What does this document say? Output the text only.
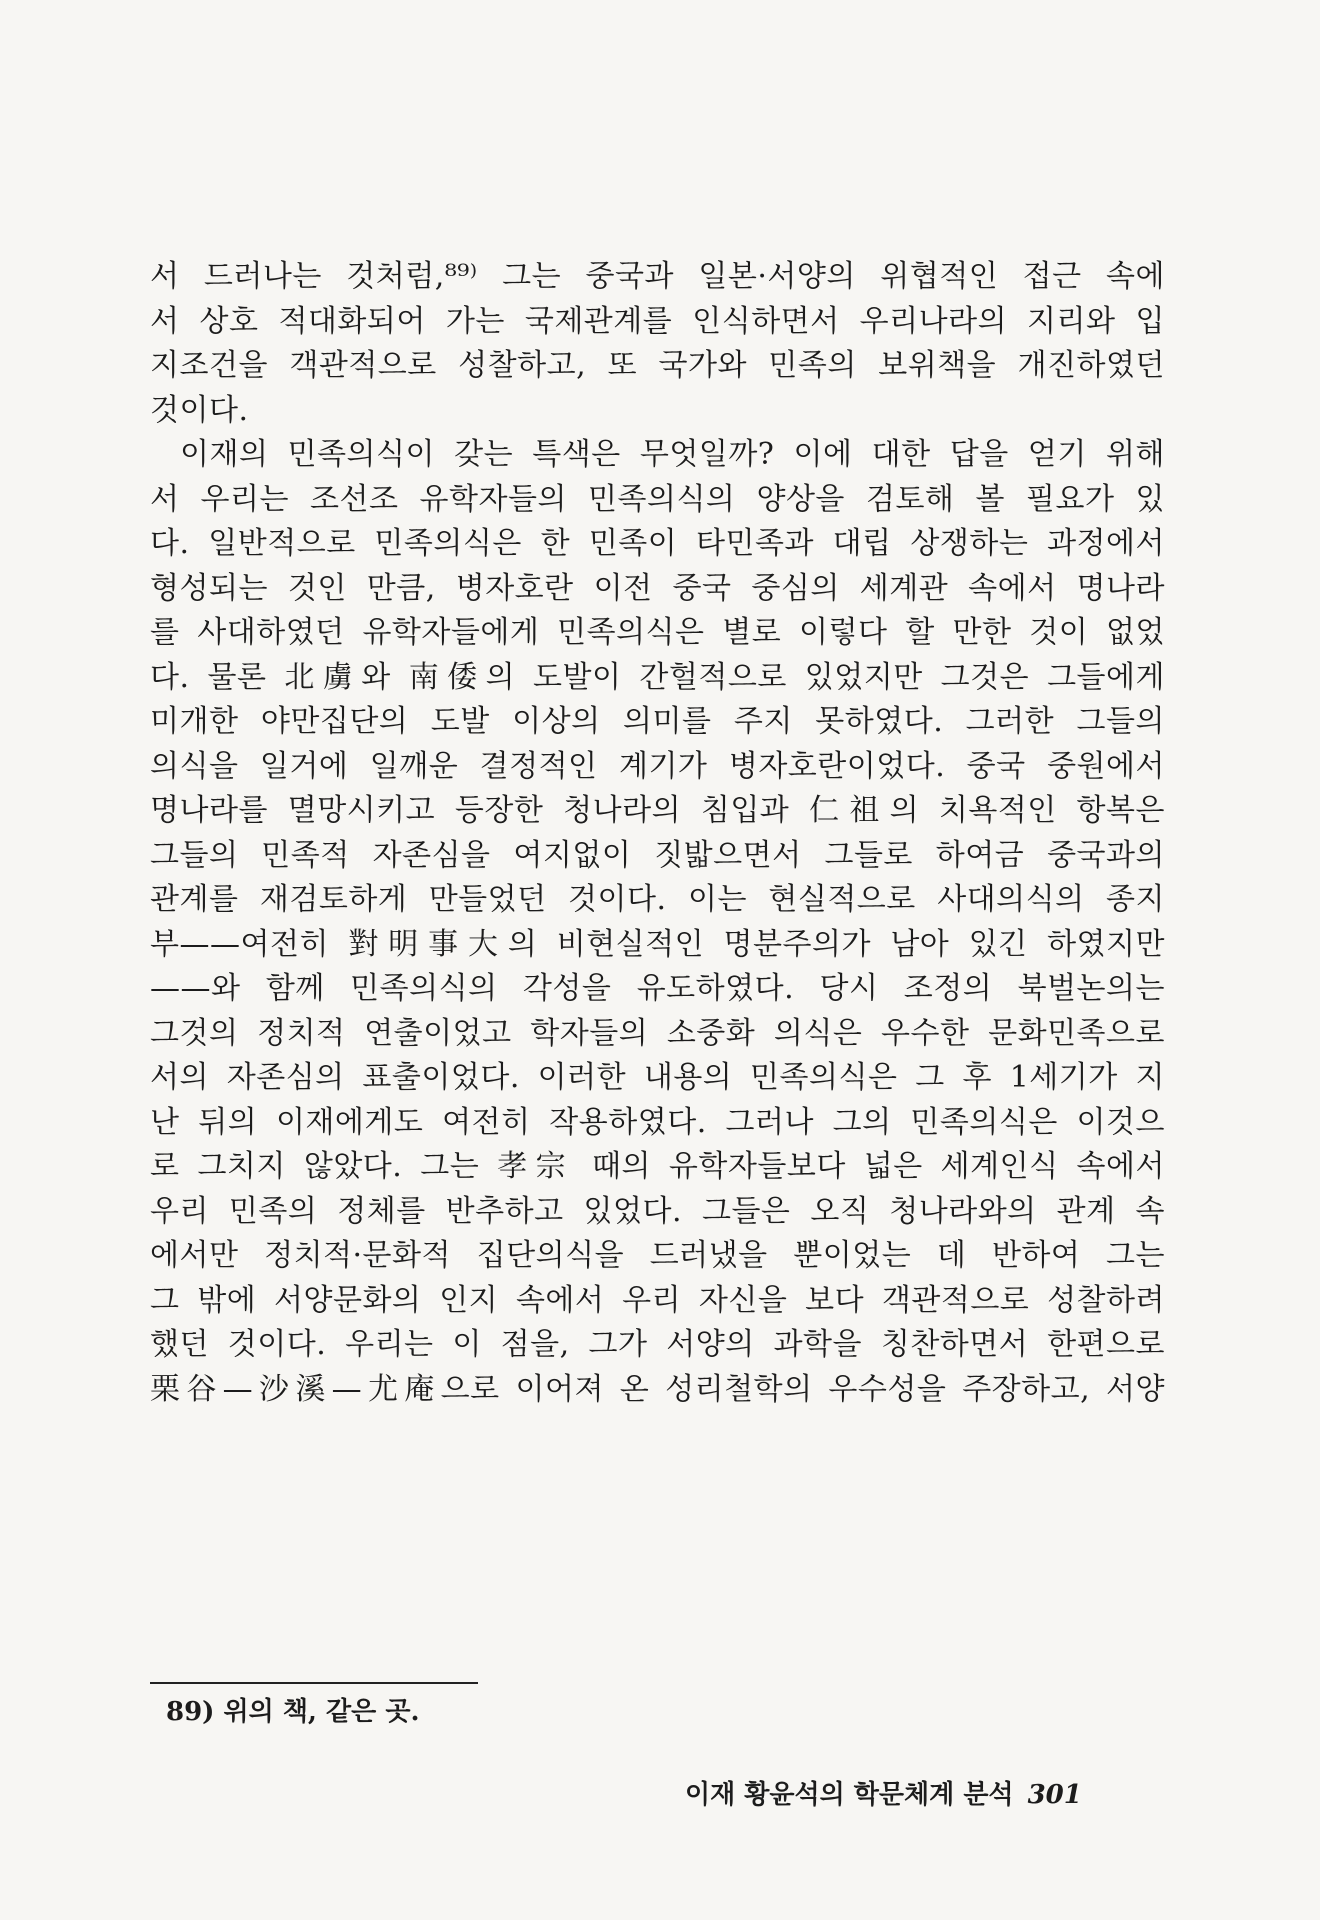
서 드러나는 것처럼,⁸⁹⁾ 그는 중국과 일본·서양의 위협적인 접근 속에
서 상호 적대화되어 가는 국제관계를 인식하면서 우리나라의 지리와 입
지조건을 객관적으로 성찰하고, 또 국가와 민족의 보위책을 개진하였던
것이다.
이재의 민족의식이 갖는 특색은 무엇일까? 이에 대한 답을 얻기 위해
서 우리는 조선조 유학자들의 민족의식의 양상을 검토해 볼 필요가 있
다. 일반적으로 민족의식은 한 민족이 타민족과 대립 상쟁하는 과정에서
형성되는 것인 만큼, 병자호란 이전 중국 중심의 세계관 속에서 명나라
를 사대하였던 유학자들에게 민족의식은 별로 이렇다 할 만한 것이 없었
다. 물론 北虜와 南倭의 도발이 간헐적으로 있었지만 그것은 그들에게
미개한 야만집단의 도발 이상의 의미를 주지 못하였다. 그러한 그들의
의식을 일거에 일깨운 결정적인 계기가 병자호란이었다. 중국 중원에서
명나라를 멸망시키고 등장한 청나라의 침입과 仁祖의 치욕적인 항복은
그들의 민족적 자존심을 여지없이 짓밟으면서 그들로 하여금 중국과의
관계를 재검토하게 만들었던 것이다. 이는 현실적으로 사대의식의 종지
부——여전히 對明事大의 비현실적인 명분주의가 남아 있긴 하였지만
——와 함께 민족의식의 각성을 유도하였다. 당시 조정의 북벌논의는
그것의 정치적 연출이었고 학자들의 소중화 의식은 우수한 문화민족으로
서의 자존심의 표출이었다. 이러한 내용의 민족의식은 그 후 1세기가 지
난 뒤의 이재에게도 여전히 작용하였다. 그러나 그의 민족의식은 이것으
로 그치지 않았다. 그는 孝宗 때의 유학자들보다 넓은 세계인식 속에서
우리 민족의 정체를 반추하고 있었다. 그들은 오직 청나라와의 관계 속
에서만 정치적·문화적 집단의식을 드러냈을 뿐이었는 데 반하여 그는
그 밖에 서양문화의 인지 속에서 우리 자신을 보다 객관적으로 성찰하려
했던 것이다. 우리는 이 점을, 그가 서양의 과학을 칭찬하면서 한편으로
栗谷—沙溪—尤庵으로 이어져 온 성리철학의 우수성을 주장하고, 서양
89) 위의 책, 같은 곳.
이재 황윤석의 학문체계 분석 301
